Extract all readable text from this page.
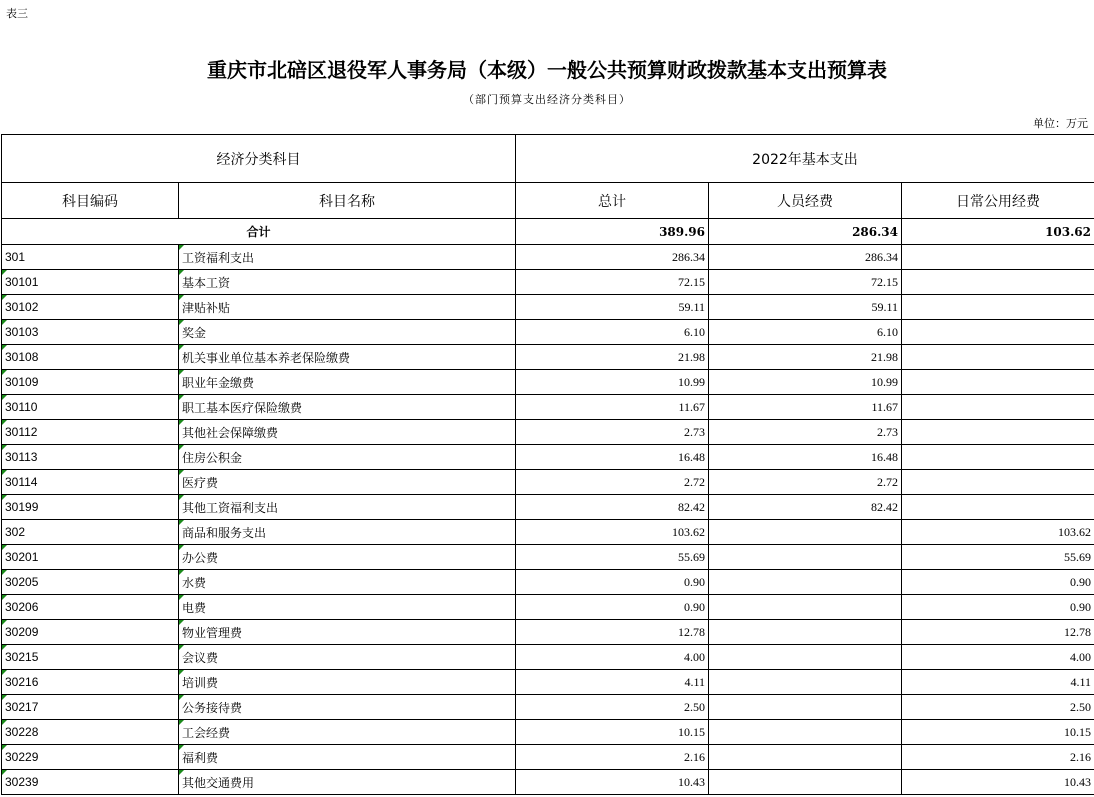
表三
重庆市北碚区退役军人事务局（本级）一般公共预算财政拨款基本支出预算表
（部门预算支出经济分类科目）
单位：万元
经济分类科目		2022年基本支出		
科目编码	科目名称	总计	人员经费	日常公用经费
合计		389.96	286.34	103.62
301	工资福利支出	286.34	286.34	
30101	基本工资	72.15	72.15	
30102	津贴补贴	59.11	59.11	
30103	奖金	6.10	6.10	
30108	机关事业单位基本养老保险缴费	21.98	21.98	
30109	职业年金缴费	10.99	10.99	
30110	职工基本医疗保险缴费	11.67	11.67	
30112	其他社会保障缴费	2.73	2.73	
30113	住房公积金	16.48	16.48	
30114	医疗费	2.72	2.72	
30199	其他工资福利支出	82.42	82.42	
302	商品和服务支出	103.62		103.62
30201	办公费	55.69		55.69
30205	水费	0.90		0.90
30206	电费	0.90		0.90
30209	物业管理费	12.78		12.78
30215	会议费	4.00		4.00
30216	培训费	4.11		4.11
30217	公务接待费	2.50		2.50
30228	工会经费	10.15		10.15
30229	福利费	2.16		2.16
30239	其他交通费用	10.43		10.43
